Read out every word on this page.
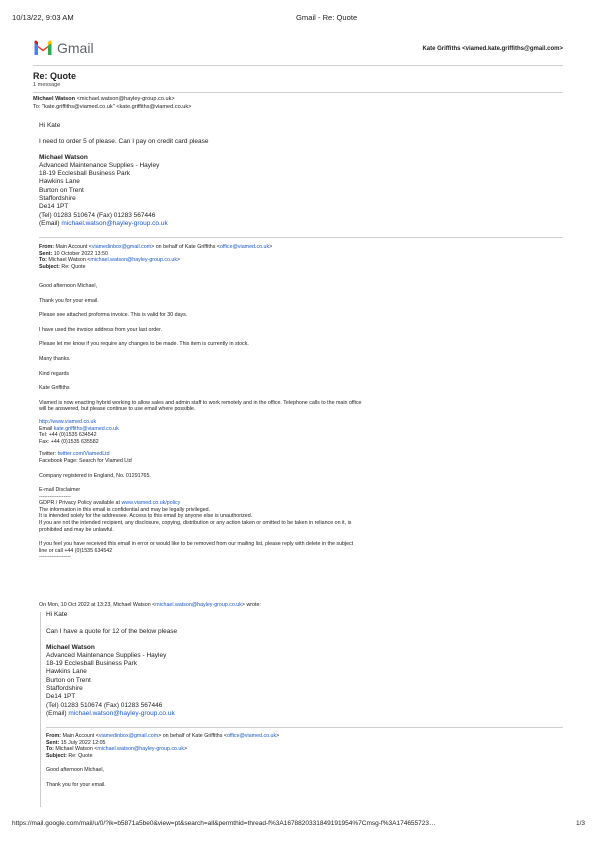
10/13/22, 9:03 AM	Gmail - Re: Quote
Gmail	Kate Griffiths <viamed.kate.griffiths@gmail.com>
Re: Quote
1 message
Michael Watson <michael.watson@hayley-group.co.uk>
To: "kate.griffiths@viamed.co.uk" <kate.griffiths@viamed.co.uk>
Hi Kate
I need to order 5 of please. Can I pay on credit card please
Michael Watson
Advanced Maintenance Supplies - Hayley
18-19 Ecclesball Business Park
Hawkins Lane
Burton on Trent
Staffordshire
De14 1PT
(Tel) 01283 510674 (Fax) 01283 567446
(Email) michael.watson@hayley-group.co.uk
From: Main Account <viamedinbox@gmail.com> on behalf of Kate Griffiths <office@viamed.co.uk>
Sent: 10 October 2022 13:50
To: Michael Watson <michael.watson@hayley-group.co.uk>
Subject: Re: Quote
Good afternoon Michael,
Thank you for your email.
Please see attached proforma invoice. This is valid for 30 days.
I have used the invoice address from your last order.
Please let me know if you require any changes to be made. This item is currently in stock.
Many thanks.
Kind regards
Kate Griffiths
Viamed is now enacting hybrid working to allow sales and admin staff to work remotely and in the office. Telephone calls to the main office
will be answered, but please continue to use email where possible.
http://www.viamed.co.uk
Email kate.griffiths@viamed.co.uk
Tel: +44 (0)1535 634542
Fax: +44 (0)1535 635582
Twitter: twitter.com/ViamedLtd
Facebook Page: Search for Viamed Ltd
Company registered in England, No. 01291765.
E-mail Disclaimer
------------------
GDPR / Privacy Policy available at www.viamed.co.uk/policy
The information in this email is confidential and may be legally privileged.
It is intended solely for the addressee. Access to this email by anyone else is unauthorized.
If you are not the intended recipient, any disclosure, copying, distribution or any action taken or omitted to be taken in reliance on it, is
prohibited and may be unlawful.
If you feel you have received this email in error or would like to be removed from our mailing list, please reply with delete in the subject
line or call +44 (0)1535 634542
------------------
On Mon, 10 Oct 2022 at 13:23, Michael Watson <michael.watson@hayley-group.co.uk> wrote:
Hi Kate
Can I have a quote for 12 of the below please
Michael Watson
Advanced Maintenance Supplies - Hayley
18-19 Ecclesball Business Park
Hawkins Lane
Burton on Trent
Staffordshire
De14 1PT
(Tel) 01283 510674 (Fax) 01283 567446
(Email) michael.watson@hayley-group.co.uk
From: Main Account <viamedinbox@gmail.com> on behalf of Kate Griffiths <office@viamed.co.uk>
Sent: 15 July 2022 12:05
To: Michael Watson <michael.watson@hayley-group.co.uk>
Subject: Re: Quote
Good afternoon Michael,
Thank you for your email.
https://mail.google.com/mail/u/0/?ik=b5871a5be0&view=pt&search=all&permthid=thread-f%3A1678820331849191954%7Cmsg-f%3A174655723…	1/3
